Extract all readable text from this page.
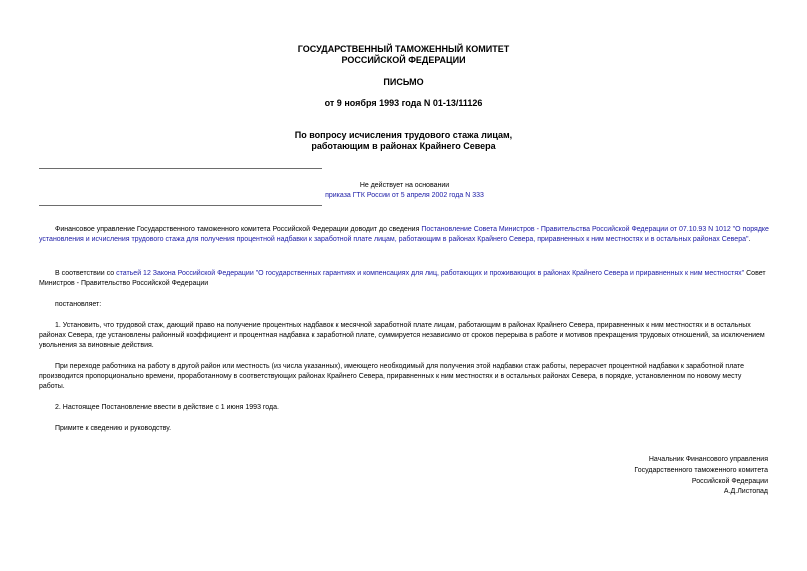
ГОСУДАРСТВЕННЫЙ ТАМОЖЕННЫЙ КОМИТЕТ
РОССИЙСКОЙ ФЕДЕРАЦИИ
ПИСЬМО
от 9 ноября 1993 года N 01-13/11126
По вопросу исчисления трудового стажа лицам,
работающим в районах Крайнего Севера
Не действует на основании
приказа ГТК России от 5 апреля 2002 года N 333

Финансовое управление Государственного таможенного комитета Российской Федерации доводит до сведения Постановление Совета Министров - Правительства Российской Федерации от 07.10.93 N 1012 "О порядке установления и исчисления трудового стажа для получения процентной надбавки к заработной плате лицам, работающим в районах Крайнего Севера, приравненных к ним местностях и в остальных районах Севера".

В соответствии со статьей 12 Закона Российской Федерации "О государственных гарантиях и компенсациях для лиц, работающих и проживающих в районах Крайнего Севера и приравненных к ним местностях" Совет Министров - Правительство Российской Федерации

постановляет:

1. Установить, что трудовой стаж, дающий право на получение процентных надбавок к месячной заработной плате лицам, работающим в районах Крайнего Севера, приравненных к ним местностях и в остальных районах Севера, где установлены районный коэффициент и процентная надбавка к заработной плате, суммируется независимо от сроков перерыва в работе и мотивов прекращения трудовых отношений, за исключением увольнения за виновные действия.

При переходе работника на работу в другой район или местность (из числа указанных), имеющего необходимый для получения этой надбавки стаж работы, перерасчет процентной надбавки к заработной плате производится пропорционально времени, проработанному в соответствующих районах Крайнего Севера, приравненных к ним местностях и в остальных районах Севера, в порядке, установленном по новому месту работы.

2. Настоящее Постановление ввести в действие с 1 июня 1993 года.

Примите к сведению и руководству.

Начальник Финансового управления
Государственного таможенного комитета
Российской Федерации
А.Д.Листопад
